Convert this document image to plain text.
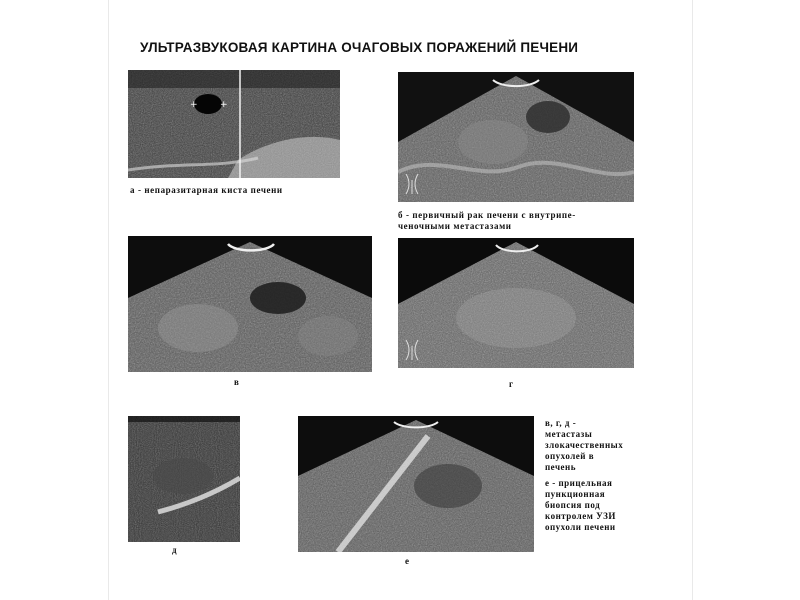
УЛЬТРАЗВУКОВАЯ КАРТИНА ОЧАГОВЫХ ПОРАЖЕНИЙ ПЕЧЕНИ
+ +
а - непаразитарная киста печени
б - первичный рак печени с внутрипе-
ченочными метастазами
в	г
д
е
в, г, д -
метастазы
злокачественных
опухолей в
печень
е - прицельная
пункционная
биопсия под
контролем УЗИ
опухоли печени
